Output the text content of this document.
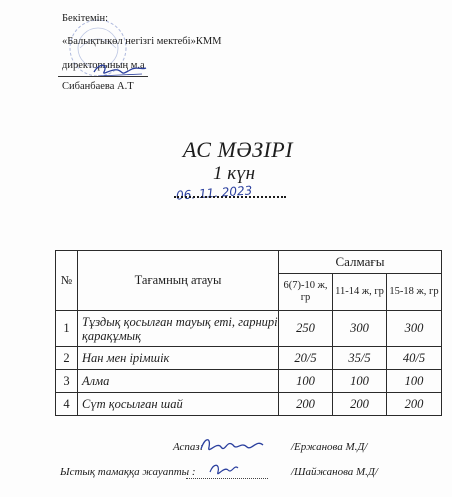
Бекітемін:
«Балықтыкөл негізгі мектебі»КММ
директорының м.а
Сибанбаева А.Т
АС МӘЗІРІ
1 күн
06. 11. 2023
№	Тағамның атауы	Салмағы		
		6(7)-10 ж, гр	11-14 ж, гр	15-18 ж, гр
1	Тұздық қосылған тауық еті, гарнирі қарақұмық	250	300	300
2	Нан мен ірімшік	20/5	35/5	40/5
3	Алма	100	100	100
4	Сүт қосылған шай	200	200	200
Аспаз:	/Ержанова М.Д/
Ыстық тамаққа жауапты :	/Шайжанова М.Д/
